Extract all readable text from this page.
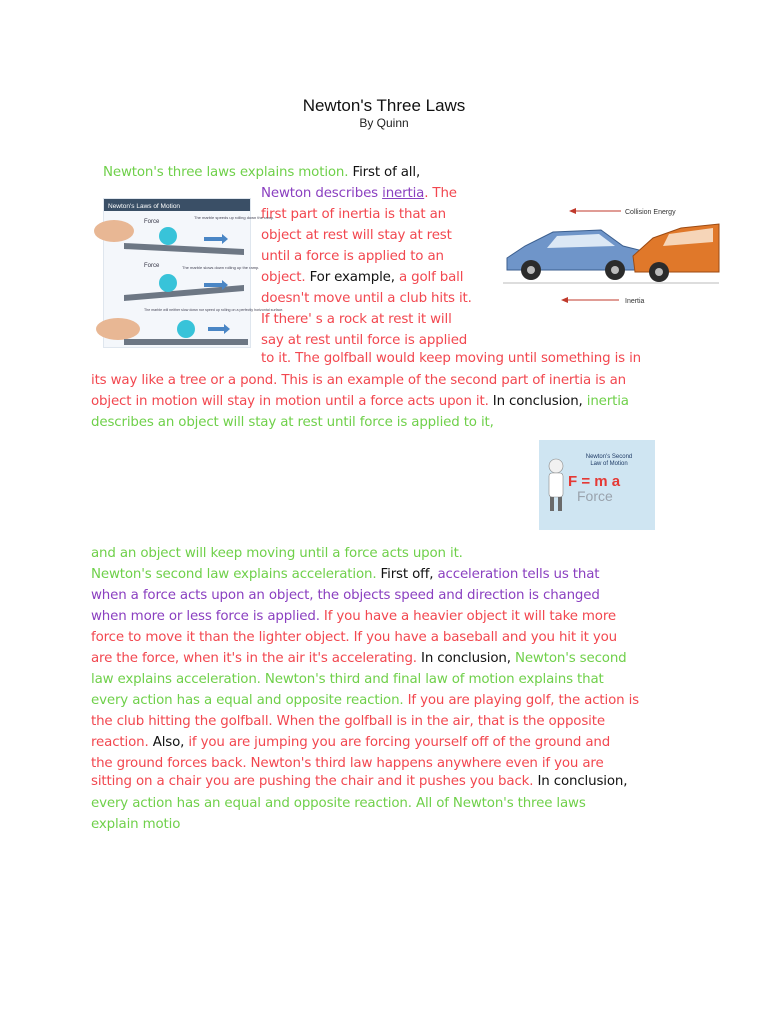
Newton's Three Laws
By Quinn
Newton's three laws explains motion. First of all,
Newton describes inertia. The
first part of inertia is that an
object at rest will stay at rest
until a force is applied to an
object. For example, a golf ball
doesn't move until a club hits it.
If there' s a rock at rest it will
say at rest until force is applied
to it. The golfball would keep moving until something is in
its way like a tree or a pond. This is an example of the second part of inertia is an
object in motion will stay in motion until a force acts upon it. In conclusion, inertia
describes an object will stay at rest until force is applied to it,
and an object will keep moving until a force acts upon it.
Newton's second law explains acceleration. First off, acceleration tells us that
when a force acts upon an object, the objects speed and direction is changed
when more or less force is applied. If you have a heavier object it will take more
force to move it than the lighter object. If you have a baseball and you hit it you
are the force, when it's in the air it's accelerating. In conclusion, Newton's second
law explains acceleration. Newton's third and final law of motion explains that
every action has a equal and opposite reaction. If you are playing golf, the action is
the club hitting the golfball. When the golfball is in the air, that is the opposite
reaction. Also, if you are jumping you are forcing yourself off of the ground and
the ground forces back. Newton's third law happens anywhere even if you are
sitting on a chair you are pushing the chair and it pushes you back. In conclusion,
every action has an equal and opposite reaction. All of Newton's three laws
explain motio
Newton's Laws of Motion
Force
The marble speeds up rolling down the ramp.
Force	The marble slows down rolling up the ramp.
The marble will neither slow down nor speed up rolling on a perfectly horizontal surface.
Collision Energy
Inertia
Newton's Second
Law of Motion
F = m a
Force
